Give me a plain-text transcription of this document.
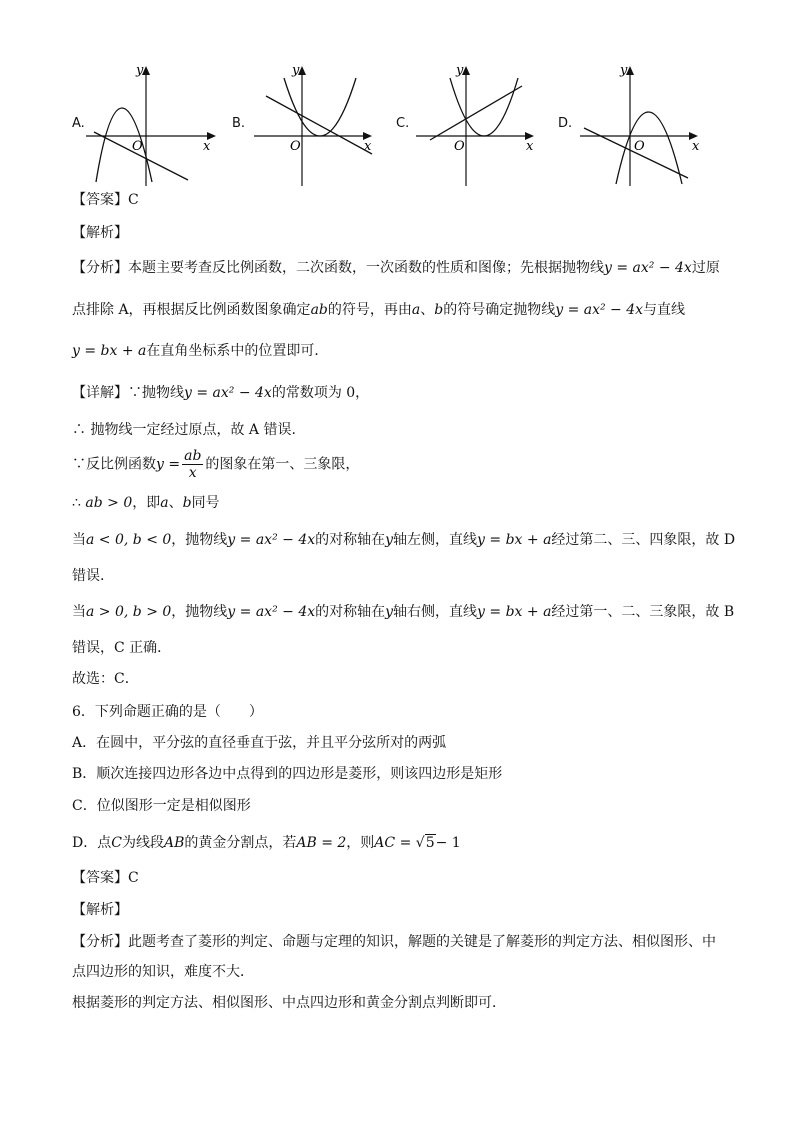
A.
y
x
O
B.
y
x
O
C.
y
x
O
D.
y
x
O
【答案】C
【解析】
【分析】本题主要考查反比例函数，二次函数，一次函数的性质和图像；先根据抛物线y = ax² − 4x过原
点排除 A，再根据反比例函数图象确定ab的符号，再由a、b的符号确定抛物线y = ax² − 4x与直线
y = bx + a在直角坐标系中的位置即可．
【详解】∵抛物线y = ax² − 4x的常数项为 0，
∴ 抛物线一定经过原点，故 A 错误.
∵反比例函数$y = \frac{ab}{x}$ 的图象在第一、三象限，
∴ ab > 0，即a、b同号
当a < 0, b < 0，抛物线y = ax² − 4x的对称轴在y轴左侧，直线y = bx + a经过第二、三、四象限，故 D
错误.
当a > 0, b > 0，抛物线y = ax² − 4x的对称轴在y轴右侧，直线y = bx + a经过第一、二、三象限，故 B
错误，C 正确．
故选：C．
6．下列命题正确的是（　　）
A．在圆中，平分弦的直径垂直于弦，并且平分弦所对的两弧
B．顺次连接四边形各边中点得到的四边形是菱形，则该四边形是矩形
C．位似图形一定是相似图形
D．点C为线段AB的黄金分割点，若AB = 2，则AC = √5− 1
【答案】C
【解析】
【分析】此题考查了菱形的判定、命题与定理的知识，解题的关键是了解菱形的判定方法、相似图形、中
点四边形的知识，难度不大．
根据菱形的判定方法、相似图形、中点四边形和黄金分割点判断即可．
